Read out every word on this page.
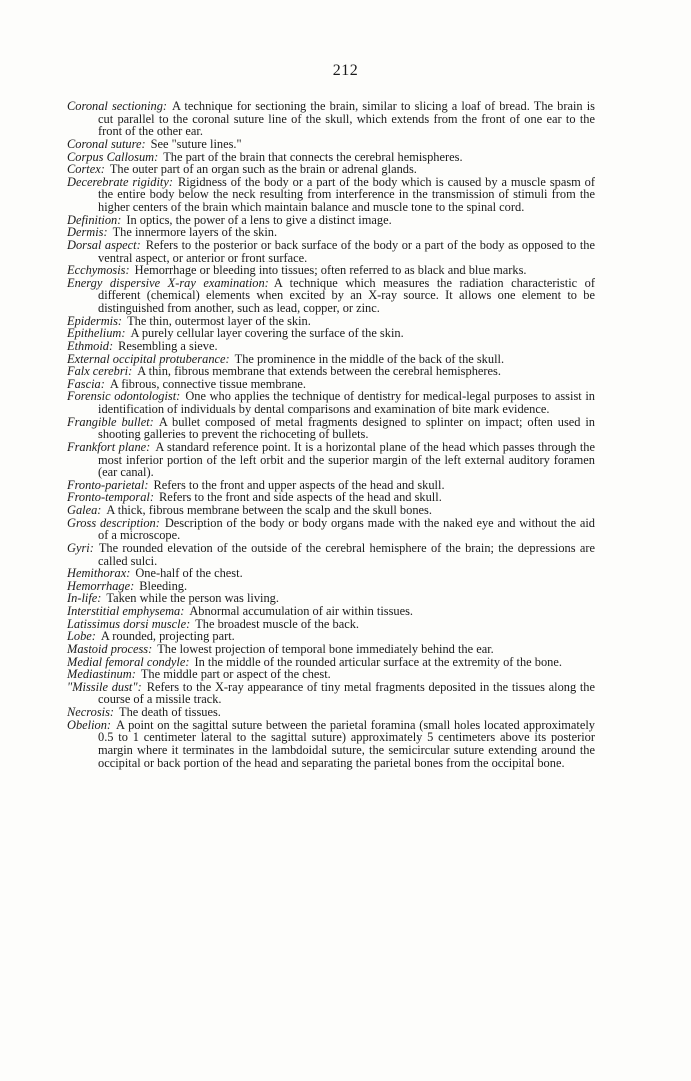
212

Coronal sectioning: A technique for sectioning the brain, similar to slicing a loaf of bread. The brain is cut parallel to the coronal suture line of the skull, which extends from the front of one ear to the front of the other ear.

Coronal suture: See "suture lines."

Corpus Callosum: The part of the brain that connects the cerebral hemispheres.

Cortex: The outer part of an organ such as the brain or adrenal glands.

Decerebrate rigidity: Rigidness of the body or a part of the body which is caused by a muscle spasm of the entire body below the neck resulting from interference in the transmission of stimuli from the higher centers of the brain which maintain balance and muscle tone to the spinal cord.

Definition: In optics, the power of a lens to give a distinct image.

Dermis: The innermore layers of the skin.

Dorsal aspect: Refers to the posterior or back surface of the body or a part of the body as opposed to the ventral aspect, or anterior or front surface.

Ecchymosis: Hemorrhage or bleeding into tissues; often referred to as black and blue marks.

Energy dispersive X-ray examination: A technique which measures the radiation characteristic of different (chemical) elements when excited by an X-ray source. It allows one element to be distinguished from another, such as lead, copper, or zinc.

Epidermis: The thin, outermost layer of the skin.

Epithelium: A purely cellular layer covering the surface of the skin.

Ethmoid: Resembling a sieve.

External occipital protuberance: The prominence in the middle of the back of the skull.

Falx cerebri: A thin, fibrous membrane that extends between the cerebral hemispheres.

Fascia: A fibrous, connective tissue membrane.

Forensic odontologist: One who applies the technique of dentistry for medical-legal purposes to assist in identification of individuals by dental comparisons and examination of bite mark evidence.

Frangible bullet: A bullet composed of metal fragments designed to splinter on impact; often used in shooting galleries to prevent the richoceting of bullets.

Frankfort plane: A standard reference point. It is a horizontal plane of the head which passes through the most inferior portion of the left orbit and the superior margin of the left external auditory foramen (ear canal).

Fronto-parietal: Refers to the front and upper aspects of the head and skull.

Fronto-temporal: Refers to the front and side aspects of the head and skull.

Galea: A thick, fibrous membrane between the scalp and the skull bones.

Gross description: Description of the body or body organs made with the naked eye and without the aid of a microscope.

Gyri: The rounded elevation of the outside of the cerebral hemisphere of the brain; the depressions are called sulci.

Hemithorax: One-half of the chest.

Hemorrhage: Bleeding.

In-life: Taken while the person was living.

Interstitial emphysema: Abnormal accumulation of air within tissues.

Latissimus dorsi muscle: The broadest muscle of the back.

Lobe: A rounded, projecting part.

Mastoid process: The lowest projection of temporal bone immediately behind the ear.

Medial femoral condyle: In the middle of the rounded articular surface at the extremity of the bone.

Mediastinum: The middle part or aspect of the chest.

"Missile dust": Refers to the X-ray appearance of tiny metal fragments deposited in the tissues along the course of a missile track.

Necrosis: The death of tissues.

Obelion: A point on the sagittal suture between the parietal foramina (small holes located approximately 0.5 to 1 centimeter lateral to the sagittal suture) approximately 5 centimeters above its posterior margin where it terminates in the lambdoidal suture, the semicircular suture extending around the occipital or back portion of the head and separating the parietal bones from the occipital bone.
